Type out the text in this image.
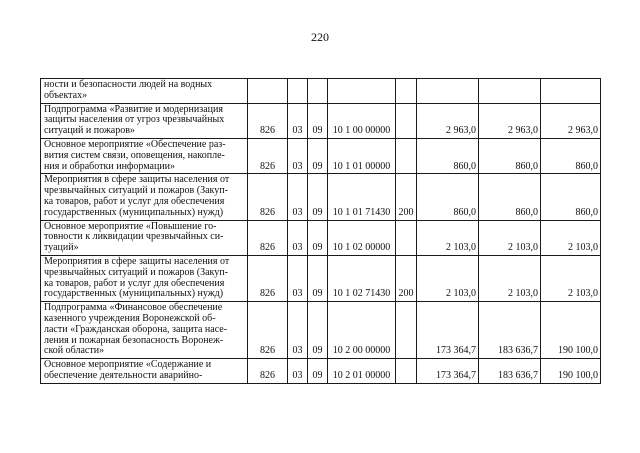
220
ности и безопасности людей на водных
объектах»								

Подпрограмма «Развитие и модернизация
защиты населения от угроз чрезвычайных
ситуаций и пожаров»	826	03	09	10 1 00 00000		2 963,0	2 963,0	2 963,0

Основное мероприятие «Обеспечение раз-
вития систем связи, оповещения, накопле-
ния и обработки информации»	826	03	09	10 1 01 00000		860,0	860,0	860,0

Мероприятия в сфере защиты населения от
чрезвычайных ситуаций и пожаров (Закуп-
ка товаров, работ и услуг для обеспечения
государственных (муниципальных) нужд)	826	03	09	10 1 01 71430	200	860,0	860,0	860,0

Основное мероприятие «Повышение го-
товности к ликвидации чрезвычайных си-
туаций»	826	03	09	10 1 02 00000		2 103,0	2 103,0	2 103,0

Мероприятия в сфере защиты населения от
чрезвычайных ситуаций и пожаров (Закуп-
ка товаров, работ и услуг для обеспечения
государственных (муниципальных) нужд)	826	03	09	10 1 02 71430	200	2 103,0	2 103,0	2 103,0

Подпрограмма «Финансовое обеспечение
казенного учреждения Воронежской об-
ласти «Гражданская оборона, защита насе-
ления и пожарная безопасность Воронеж-
ской области»	826	03	09	10 2 00 00000		173 364,7	183 636,7	190 100,0

Основное мероприятие «Содержание и
обеспечение деятельности аварийно-	826	03	09	10 2 01 00000		173 364,7	183 636,7	190 100,0
